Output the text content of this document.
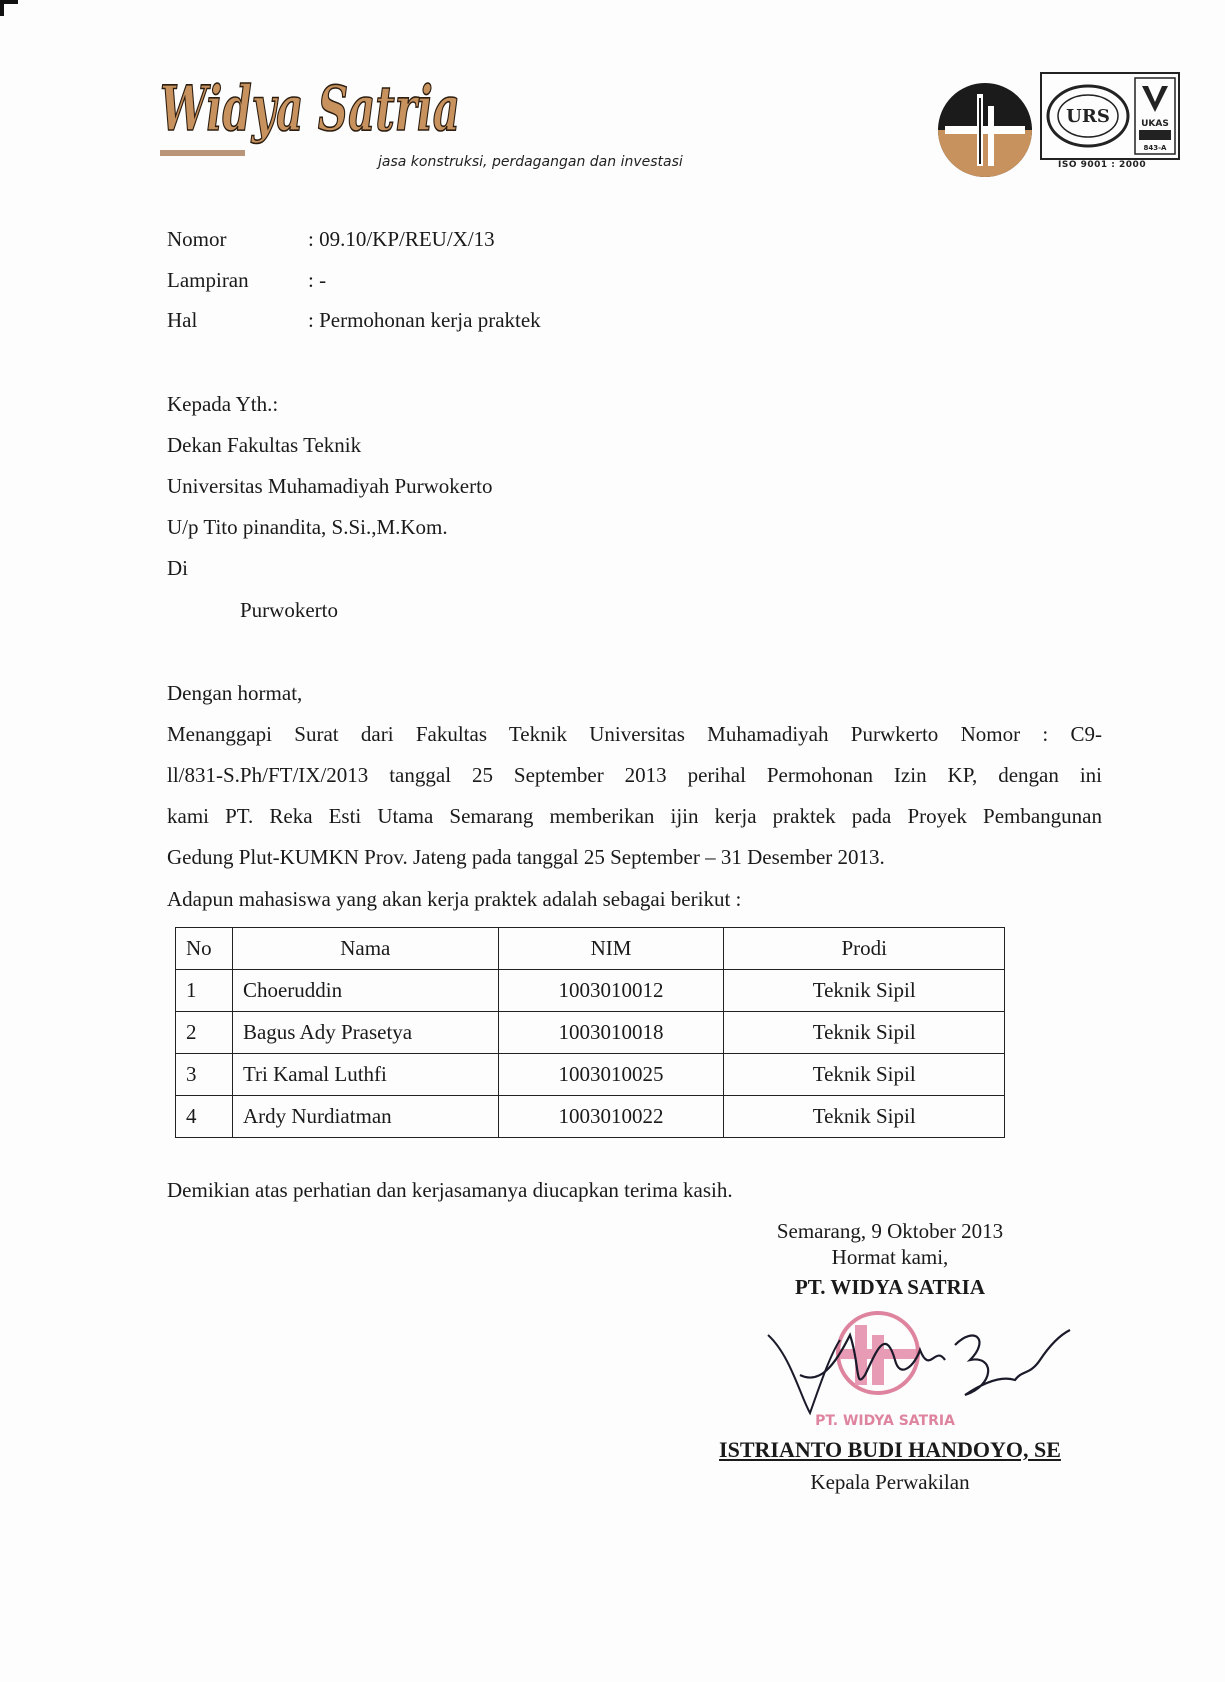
Widya Satria
jasa konstruksi, perdagangan dan investasi
URS	UKAS
843-A
ISO 9001 : 2000
Nomor	: 09.10/KP/REU/X/13
Lampiran	: -
Hal	: Permohonan kerja praktek
Kepada Yth.:
Dekan Fakultas Teknik
Universitas Muhamadiyah Purwokerto
U/p Tito pinandita, S.Si.,M.Kom.
Di
Purwokerto
Dengan hormat,
Menanggapi Surat dari Fakultas Teknik Universitas Muhamadiyah Purwkerto Nomor : C9-
ll/831-S.Ph/FT/IX/2013 tanggal 25 September 2013 perihal Permohonan Izin KP, dengan ini
kami PT. Reka Esti Utama Semarang memberikan ijin kerja praktek pada Proyek Pembangunan
Gedung Plut-KUMKN Prov. Jateng pada tanggal 25 September – 31 Desember 2013.
Adapun mahasiswa yang akan kerja praktek adalah sebagai berikut :
No	Nama	NIM	Prodi
1	Choeruddin	1003010012	Teknik Sipil
2	Bagus Ady Prasetya	1003010018	Teknik Sipil
3	Tri Kamal Luthfi	1003010025	Teknik Sipil
4	Ardy Nurdiatman	1003010022	Teknik Sipil
Demikian atas perhatian dan kerjasamanya diucapkan terima kasih.
Semarang, 9 Oktober 2013
Hormat kami,
PT. WIDYA SATRIA
PT. WIDYA SATRIA
ISTRIANTO BUDI HANDOYO, SE
Kepala Perwakilan
